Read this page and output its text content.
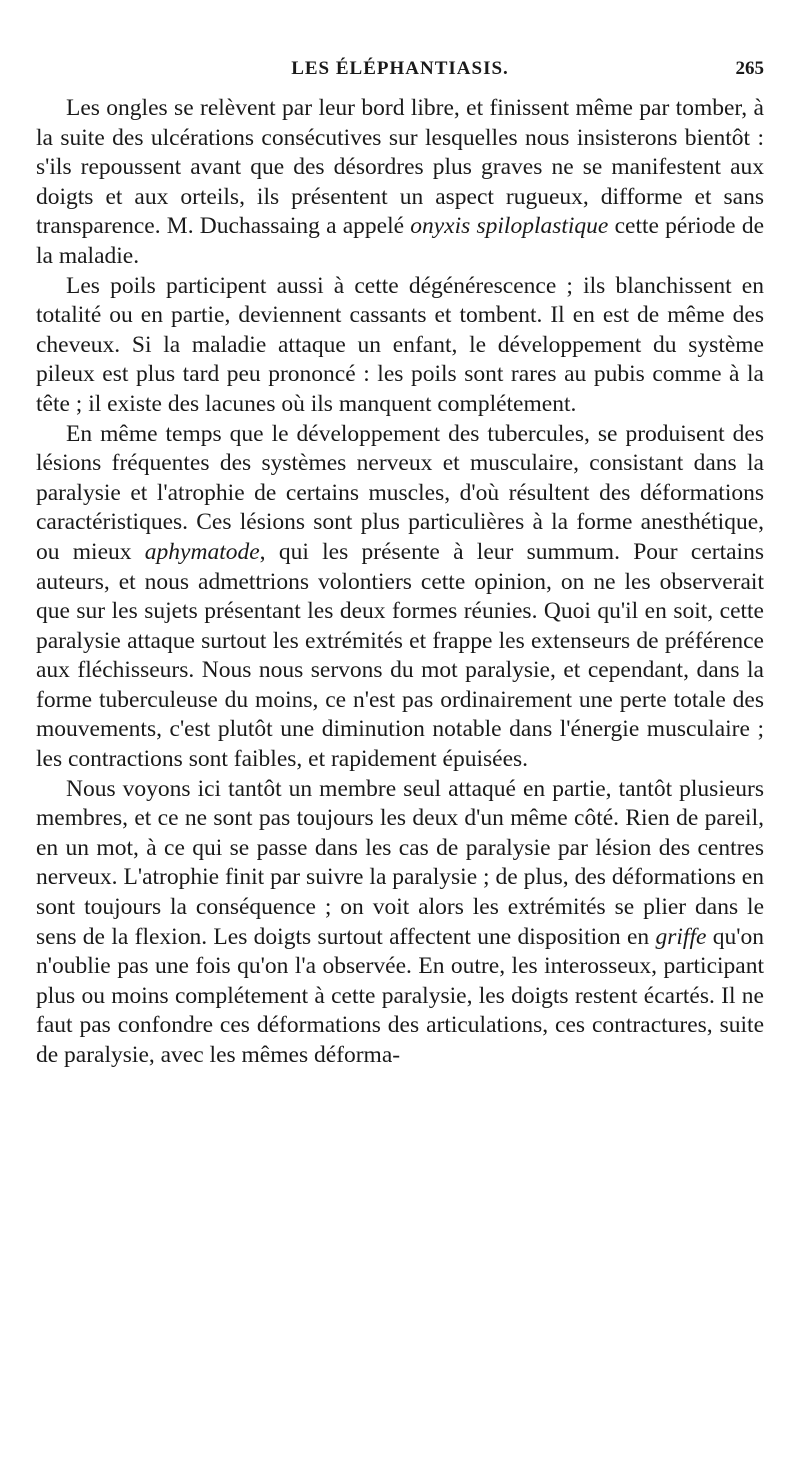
LES ÉLÉPHANTIASIS.	265

Les ongles se relèvent par leur bord libre, et finissent même par tomber, à la suite des ulcérations consécutives sur lesquelles nous insisterons bientôt : s'ils repoussent avant que des désordres plus graves ne se manifestent aux doigts et aux orteils, ils présentent un aspect rugueux, difforme et sans transparence. M. Duchassaing a appelé onyxis spiloplastique cette période de la maladie.

Les poils participent aussi à cette dégénérescence ; ils blanchissent en totalité ou en partie, deviennent cassants et tombent. Il en est de même des cheveux. Si la maladie attaque un enfant, le développement du système pileux est plus tard peu prononcé : les poils sont rares au pubis comme à la tête ; il existe des lacunes où ils manquent complétement.

En même temps que le développement des tubercules, se produisent des lésions fréquentes des systèmes nerveux et musculaire, consistant dans la paralysie et l'atrophie de certains muscles, d'où résultent des déformations caractéristiques. Ces lésions sont plus particulières à la forme anesthétique, ou mieux aphymatode, qui les présente à leur summum. Pour certains auteurs, et nous admettrions volontiers cette opinion, on ne les observerait que sur les sujets présentant les deux formes réunies. Quoi qu'il en soit, cette paralysie attaque surtout les extrémités et frappe les extenseurs de préférence aux fléchisseurs. Nous nous servons du mot paralysie, et cependant, dans la forme tuberculeuse du moins, ce n'est pas ordinairement une perte totale des mouvements, c'est plutôt une diminution notable dans l'énergie musculaire ; les contractions sont faibles, et rapidement épuisées.

Nous voyons ici tantôt un membre seul attaqué en partie, tantôt plusieurs membres, et ce ne sont pas toujours les deux d'un même côté. Rien de pareil, en un mot, à ce qui se passe dans les cas de paralysie par lésion des centres nerveux. L'atrophie finit par suivre la paralysie ; de plus, des déformations en sont toujours la conséquence ; on voit alors les extrémités se plier dans le sens de la flexion. Les doigts surtout affectent une disposition en griffe qu'on n'oublie pas une fois qu'on l'a observée. En outre, les interosseux, participant plus ou moins complétement à cette paralysie, les doigts restent écartés. Il ne faut pas confondre ces déformations des articulations, ces contractures, suite de paralysie, avec les mêmes déforma-
